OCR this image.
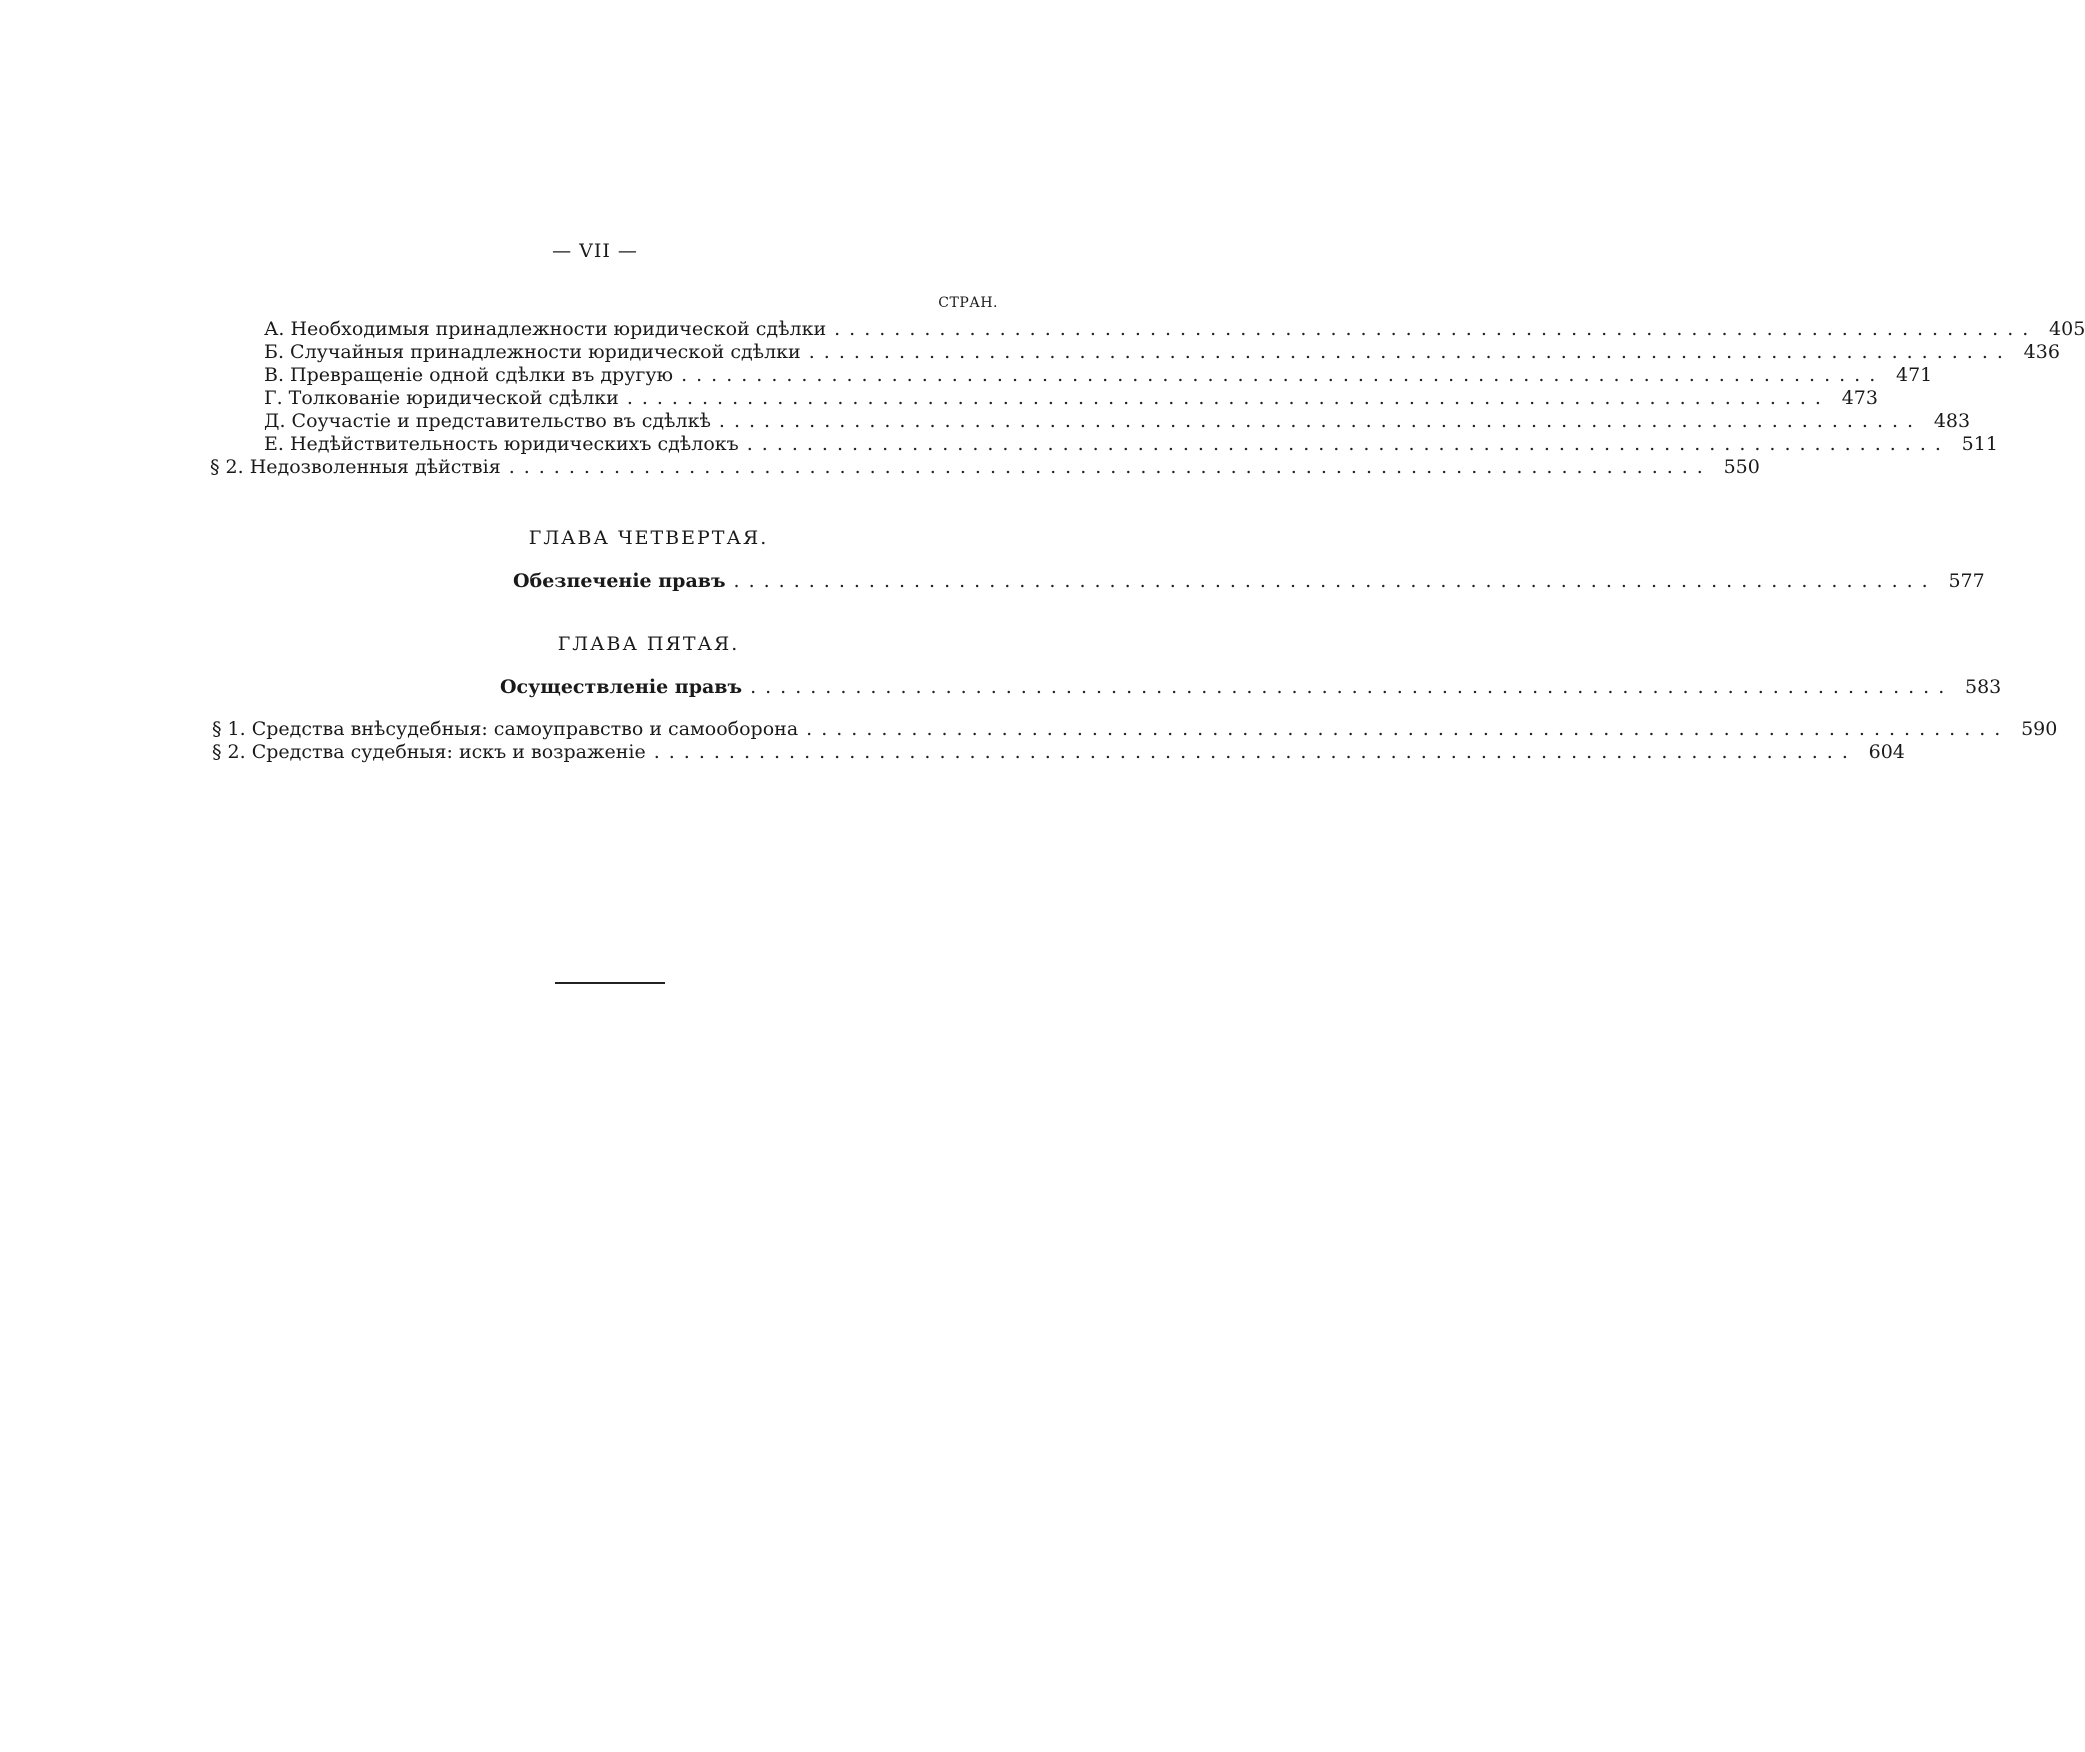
— VII —
СТРАН.
А. Необходимыя принадлежности юридической сдѣлки ................................................................................ 405
Б. Случайныя принадлежности юридической сдѣлки ................................................................................ 436
В. Превращеніе одной сдѣлки въ другую ................................................................................ 471
Г. Толкованіе юридической сдѣлки ................................................................................ 473
Д. Соучастіе и представительство въ сдѣлкѣ ................................................................................ 483
Е. Недѣйствительность юридическихъ сдѣлокъ ................................................................................ 511
§ 2. Недозволенныя дѣйствія ................................................................................ 550
ГЛАВА ЧЕТВЕРТАЯ.
Обезпеченіе правъ ................................................................................ 577
ГЛАВА ПЯТАЯ.
Осуществленіе правъ ................................................................................ 583
§ 1. Средства внѣсудебныя: самоуправство и самооборона ................................................................................ 590
§ 2. Средства судебныя: искъ и возраженіе ................................................................................ 604
